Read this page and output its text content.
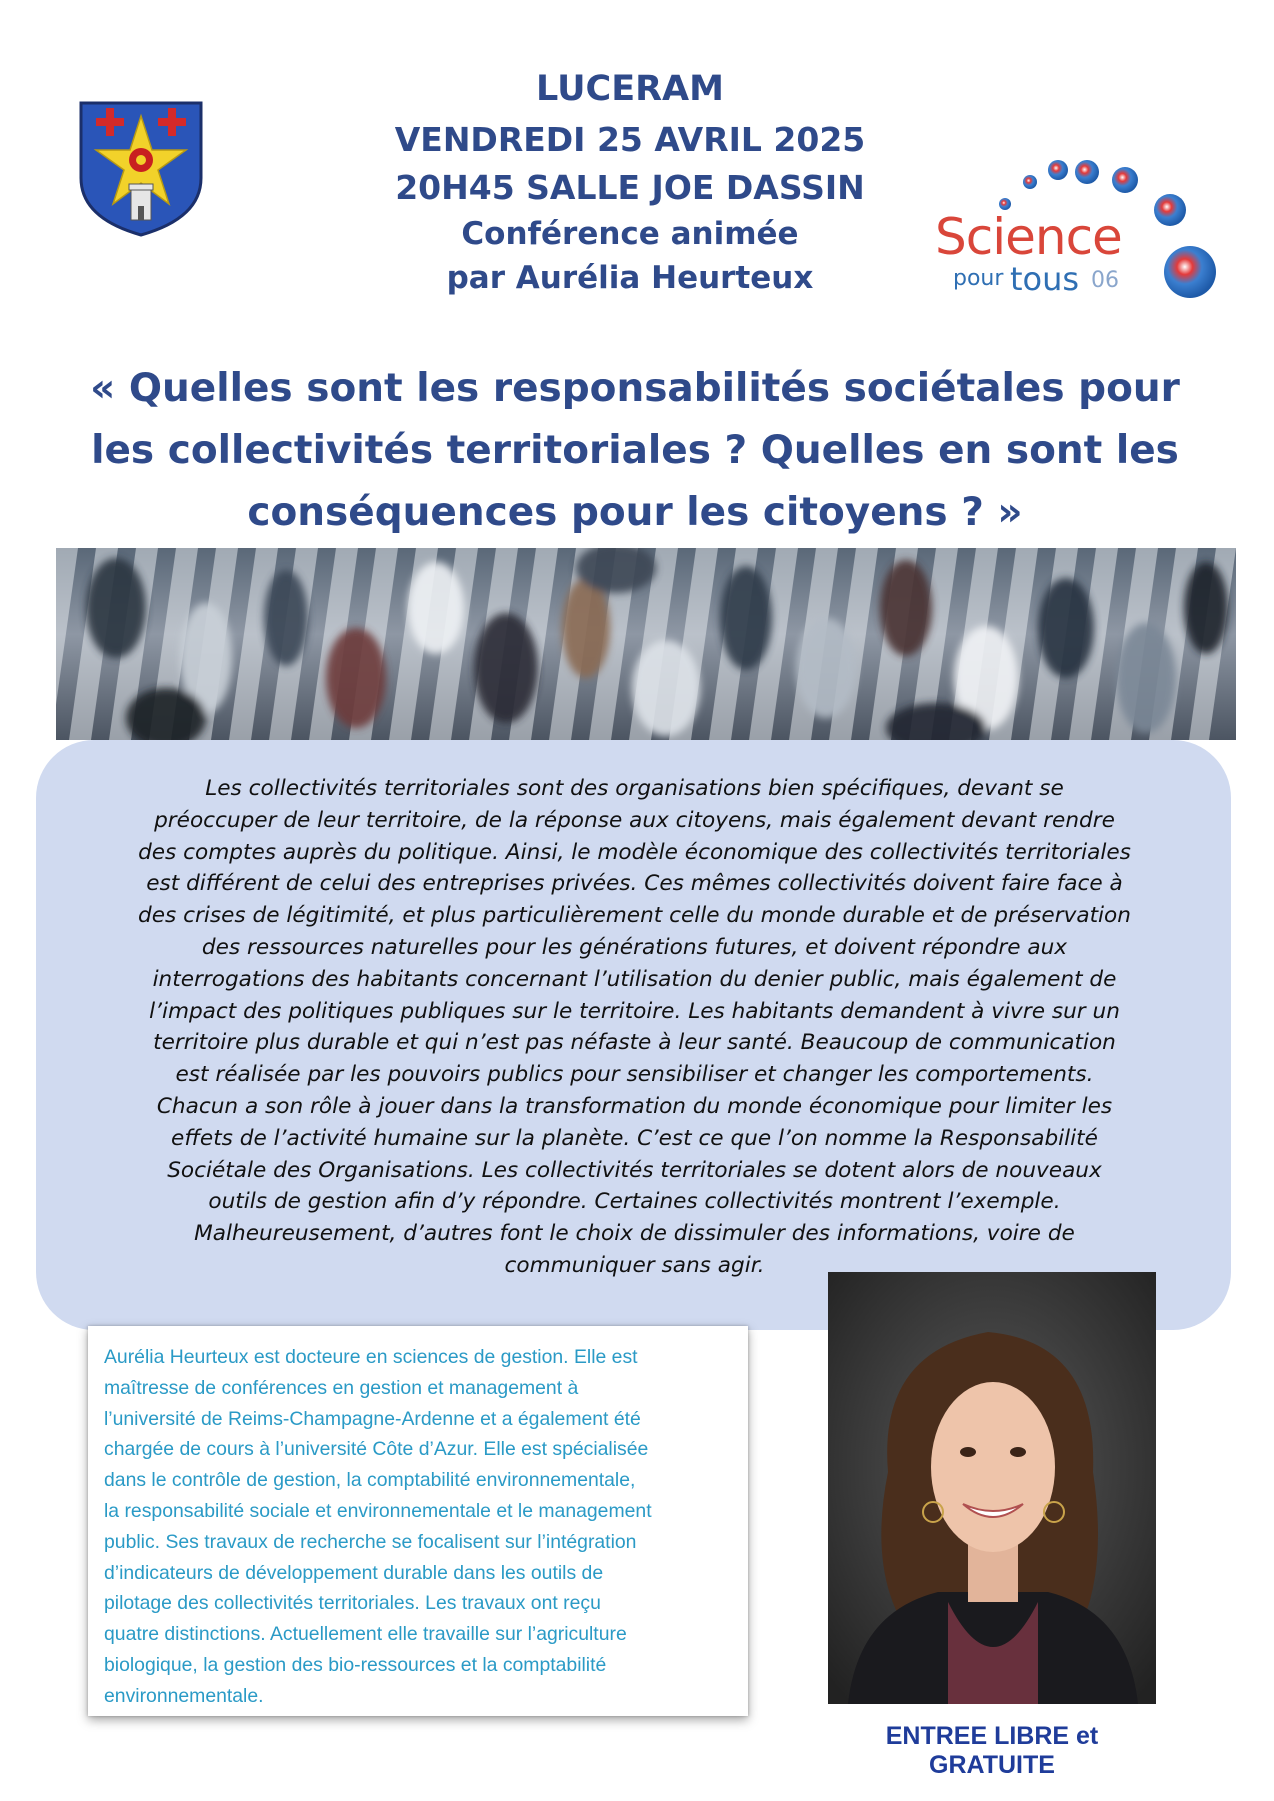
LUCERAM
VENDREDI 25 AVRIL 2025
20H45 SALLE JOE DASSIN
Conférence animée
par Aurélia Heurteux
Science
pour tous 06
« Quelles sont les responsabilités sociétales pour
les collectivités territoriales ? Quelles en sont les
conséquences pour les citoyens ? »
Les collectivités territoriales sont des organisations bien spécifiques, devant se
préoccuper de leur territoire, de la réponse aux citoyens, mais également devant rendre
des comptes auprès du politique. Ainsi, le modèle économique des collectivités territoriales
est différent de celui des entreprises privées. Ces mêmes collectivités doivent faire face à
des crises de légitimité, et plus particulièrement celle du monde durable et de préservation
des ressources naturelles pour les générations futures, et doivent répondre aux
interrogations des habitants concernant l’utilisation du denier public, mais également de
l’impact des politiques publiques sur le territoire. Les habitants demandent à vivre sur un
territoire plus durable et qui n’est pas néfaste à leur santé. Beaucoup de communication
est réalisée par les pouvoirs publics pour sensibiliser et changer les comportements.
Chacun a son rôle à jouer dans la transformation du monde économique pour limiter les
effets de l’activité humaine sur la planète. C’est ce que l’on nomme la Responsabilité
Sociétale des Organisations. Les collectivités territoriales se dotent alors de nouveaux
outils de gestion afin d’y répondre. Certaines collectivités montrent l’exemple.
Malheureusement, d’autres font le choix de dissimuler des informations, voire de
communiquer sans agir.
Aurélia Heurteux est docteure en sciences de gestion. Elle est
maîtresse de conférences en gestion et management à
l’université de Reims-Champagne-Ardenne et a également été
chargée de cours à l’université Côte d’Azur. Elle est spécialisée
dans le contrôle de gestion, la comptabilité environnementale,
la responsabilité sociale et environnementale et le management
public. Ses travaux de recherche se focalisent sur l’intégration
d’indicateurs de développement durable dans les outils de
pilotage des collectivités territoriales. Les travaux ont reçu
quatre distinctions. Actuellement elle travaille sur l’agriculture
biologique, la gestion des bio-ressources et la comptabilité
environnementale.
ENTREE LIBRE et GRATUITE
